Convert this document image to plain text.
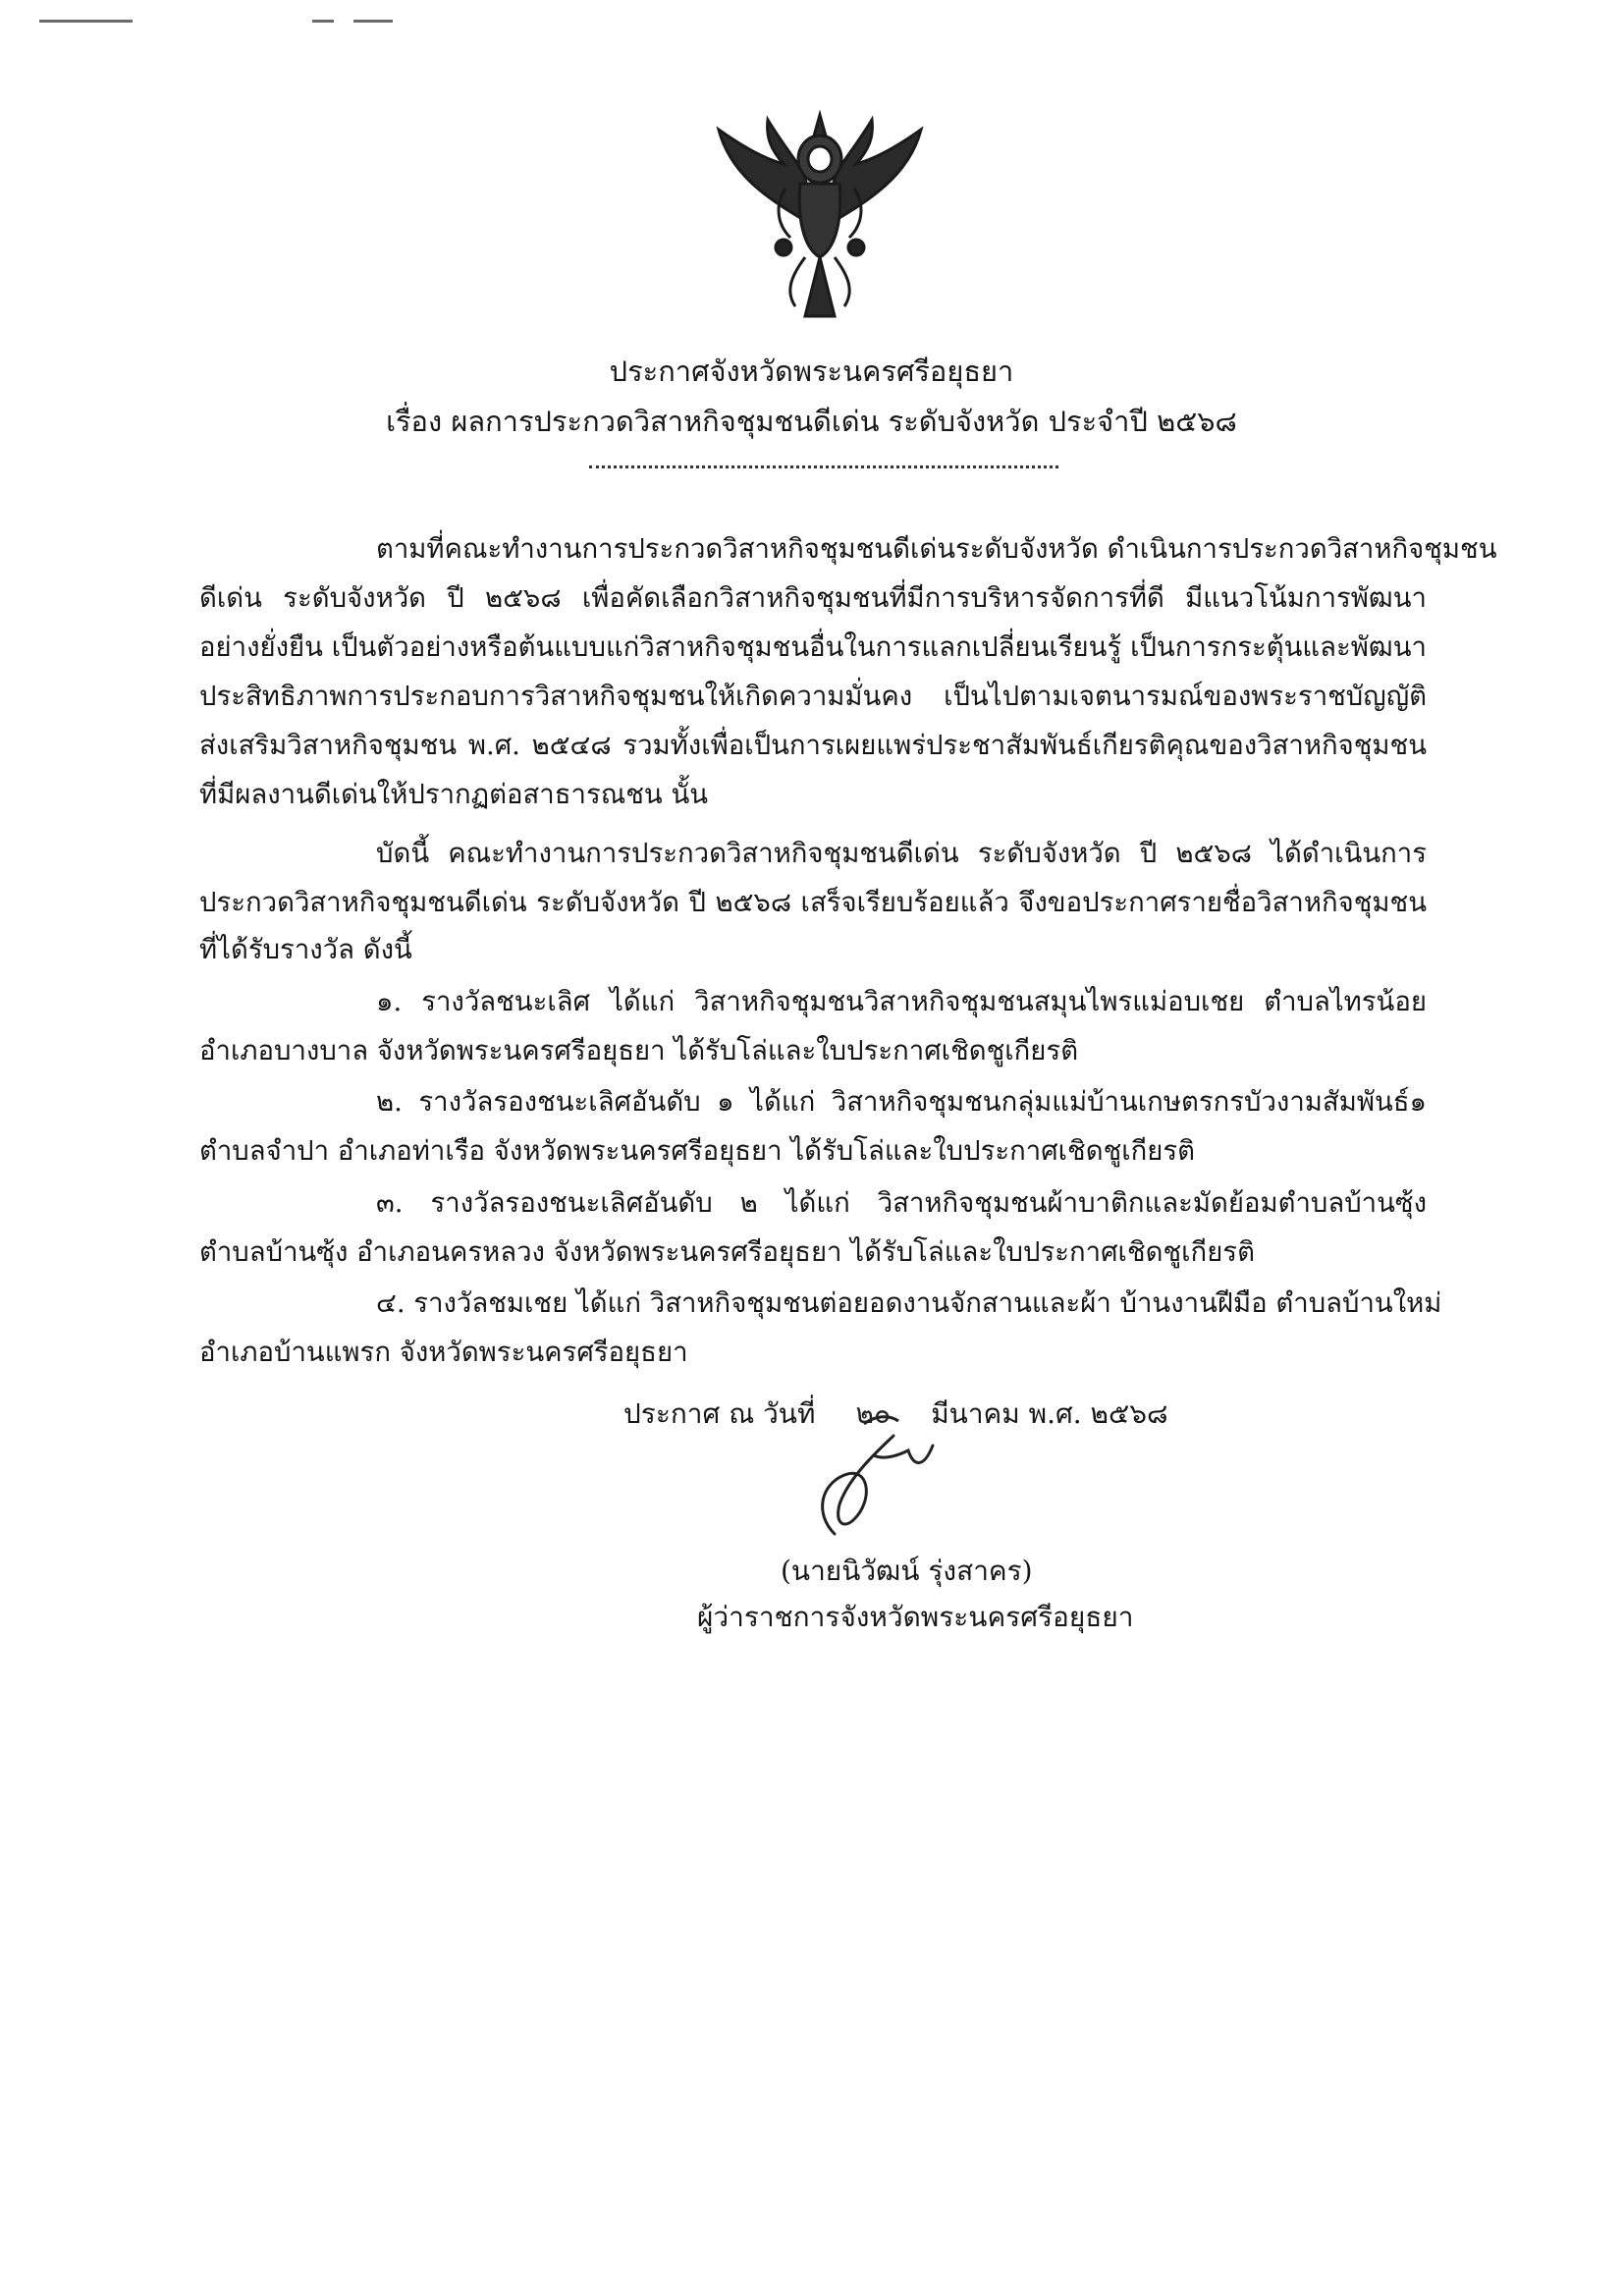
ประกาศจังหวัดพระนครศรีอยุธยา
เรื่อง ผลการประกวดวิสาหกิจชุมชนดีเด่น ระดับจังหวัด ประจำปี ๒๕๖๘
ตามที่คณะทำงานการประกวดวิสาหกิจชุมชนดีเด่นระดับจังหวัด ดำเนินการประกวดวิสาหกิจชุมชน
ดีเด่น ระดับจังหวัด ปี ๒๕๖๘ เพื่อคัดเลือกวิสาหกิจชุมชนที่มีการบริหารจัดการที่ดี มีแนวโน้มการพัฒนา
อย่างยั่งยืน เป็นตัวอย่างหรือต้นแบบแก่วิสาหกิจชุมชนอื่นในการแลกเปลี่ยนเรียนรู้ เป็นการกระตุ้นและพัฒนา
ประสิทธิภาพการประกอบการวิสาหกิจชุมชนให้เกิดความมั่นคง เป็นไปตามเจตนารมณ์ของพระราชบัญญัติ
ส่งเสริมวิสาหกิจชุมชน พ.ศ. ๒๕๔๘ รวมทั้งเพื่อเป็นการเผยแพร่ประชาสัมพันธ์เกียรติคุณของวิสาหกิจชุมชน
ที่มีผลงานดีเด่นให้ปรากฏต่อสาธารณชน นั้น
บัดนี้ คณะทำงานการประกวดวิสาหกิจชุมชนดีเด่น ระดับจังหวัด ปี ๒๕๖๘ ได้ดำเนินการ
ประกวดวิสาหกิจชุมชนดีเด่น ระดับจังหวัด ปี ๒๕๖๘ เสร็จเรียบร้อยแล้ว จึงขอประกาศรายชื่อวิสาหกิจชุมชน
ที่ได้รับรางวัล ดังนี้
๑. รางวัลชนะเลิศ ได้แก่ วิสาหกิจชุมชนวิสาหกิจชุมชนสมุนไพรแม่อบเชย ตำบลไทรน้อย
อำเภอบางบาล จังหวัดพระนครศรีอยุธยา ได้รับโล่และใบประกาศเชิดชูเกียรติ
๒. รางวัลรองชนะเลิศอันดับ ๑ ได้แก่ วิสาหกิจชุมชนกลุ่มแม่บ้านเกษตรกรบัวงามสัมพันธ์๑
ตำบลจำปา อำเภอท่าเรือ จังหวัดพระนครศรีอยุธยา ได้รับโล่และใบประกาศเชิดชูเกียรติ
๓. รางวัลรองชนะเลิศอันดับ ๒ ได้แก่ วิสาหกิจชุมชนผ้าบาติกและมัดย้อมตำบลบ้านซุ้ง
ตำบลบ้านซุ้ง อำเภอนครหลวง จังหวัดพระนครศรีอยุธยา ได้รับโล่และใบประกาศเชิดชูเกียรติ
๔. รางวัลชมเชย ได้แก่ วิสาหกิจชุมชนต่อยอดงานจักสานและผ้า บ้านงานฝีมือ ตำบลบ้านใหม่
อำเภอบ้านแพรก จังหวัดพระนครศรีอยุธยา
ประกาศ ณ วันที่ ๒๐ มีนาคม พ.ศ. ๒๕๖๘
(นายนิวัฒน์ รุ่งสาคร)
ผู้ว่าราชการจังหวัดพระนครศรีอยุธยา
